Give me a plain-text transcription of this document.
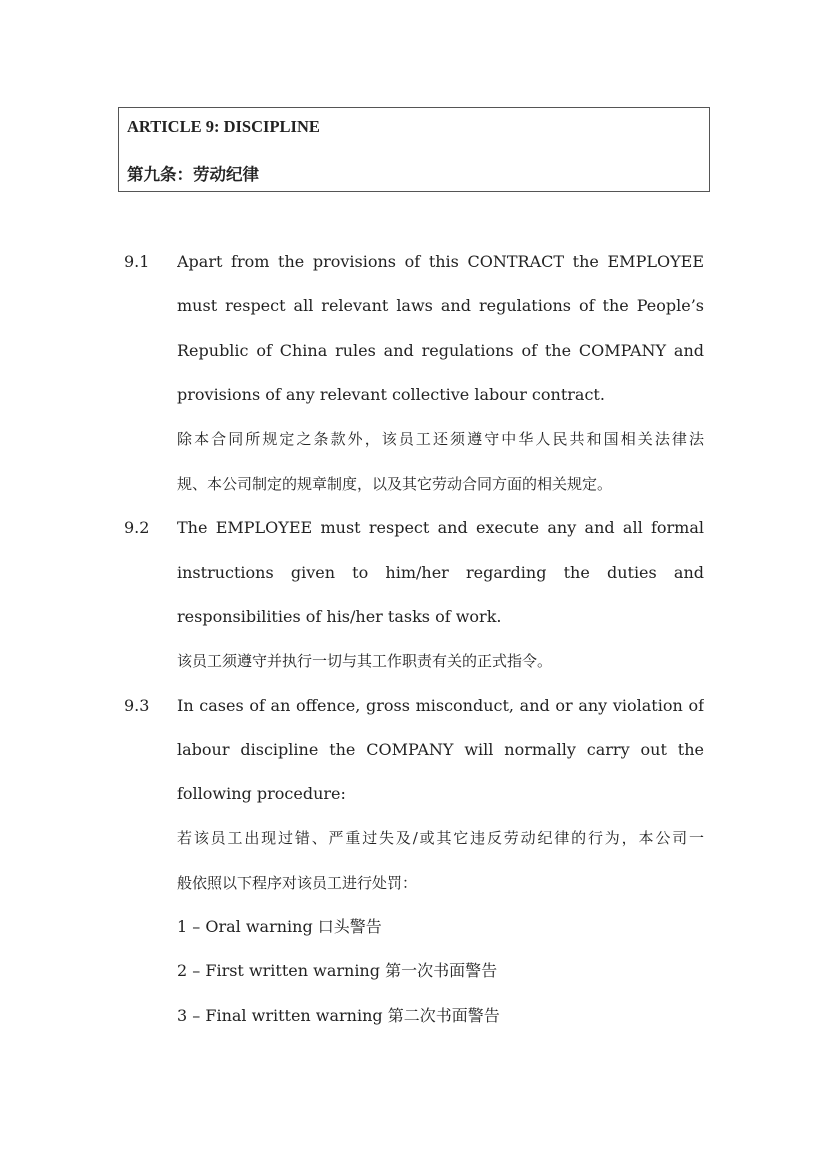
ARTICLE 9: DISCIPLINE
第九条：劳动纪律
9.1 Apart from the provisions of this CONTRACT the EMPLOYEE
must respect all relevant laws and regulations of the People’s
Republic of China rules and regulations of the COMPANY and
provisions of any relevant collective labour contract.
除本合同所规定之条款外，该员工还须遵守中华人民共和国相关法律法
规、本公司制定的规章制度，以及其它劳动合同方面的相关规定。
9.2 The EMPLOYEE must respect and execute any and all formal
instructions given to him/her regarding the duties and
responsibilities of his/her tasks of work.
该员工须遵守并执行一切与其工作职责有关的正式指令。
9.3 In cases of an offence, gross misconduct, and or any violation of
labour discipline the COMPANY will normally carry out the
following procedure:
若该员工出现过错、严重过失及/或其它违反劳动纪律的行为，本公司一
般依照以下程序对该员工进行处罚：
1 – Oral warning 口头警告
2 – First written warning 第一次书面警告
3 – Final written warning 第二次书面警告
